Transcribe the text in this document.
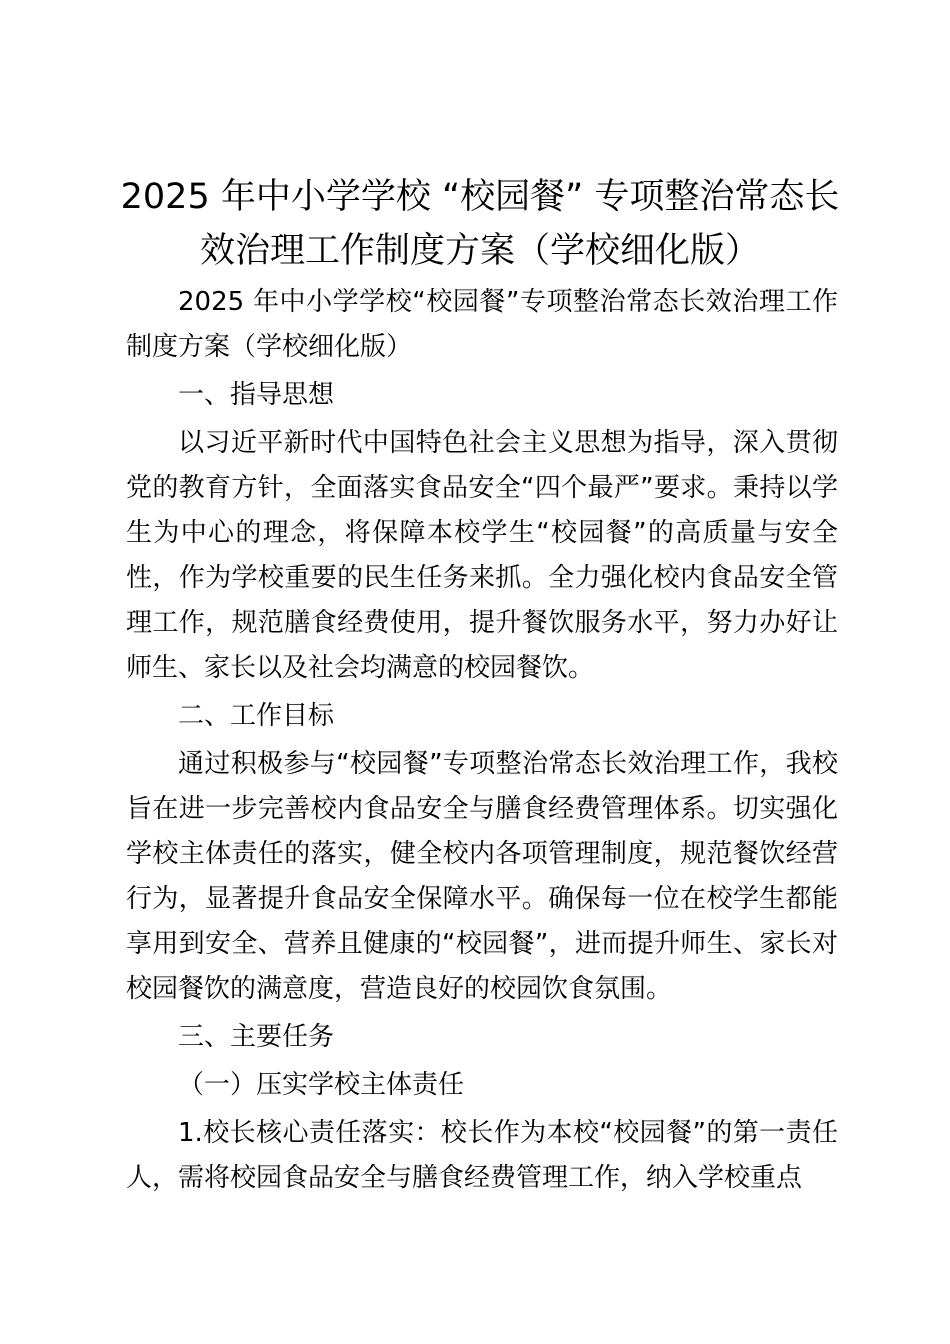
2025 年中小学学校 “校园餐” 专项整治常态长效治理工作制度方案（学校细化版）

2025 年中小学学校“校园餐”专项整治常态长效治理工作制度方案（学校细化版）

一、指导思想

以习近平新时代中国特色社会主义思想为指导，深入贯彻党的教育方针，全面落实食品安全“四个最严”要求。秉持以学生为中心的理念，将保障本校学生“校园餐”的高质量与安全性，作为学校重要的民生任务来抓。全力强化校内食品安全管理工作，规范膳食经费使用，提升餐饮服务水平，努力办好让师生、家长以及社会均满意的校园餐饮。

二、工作目标

通过积极参与“校园餐”专项整治常态长效治理工作，我校旨在进一步完善校内食品安全与膳食经费管理体系。切实强化学校主体责任的落实，健全校内各项管理制度，规范餐饮经营行为，显著提升食品安全保障水平。确保每一位在校学生都能享用到安全、营养且健康的“校园餐”，进而提升师生、家长对校园餐饮的满意度，营造良好的校园饮食氛围。

三、主要任务

（一）压实学校主体责任

1.校长核心责任落实：校长作为本校“校园餐”的第一责任人，需将校园食品安全与膳食经费管理工作，纳入学校重点
